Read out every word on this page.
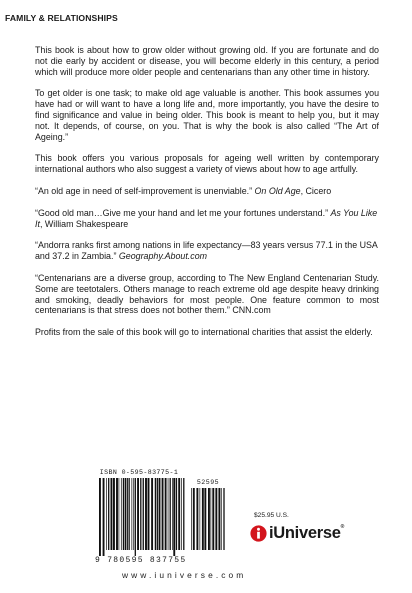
FAMILY & RELATIONSHIPS

This book is about how to grow older without growing old. If you are fortunate and do not die early by accident or disease, you will become elderly in this century, a period which will produce more older people and centenarians than any other time in history.

To get older is one task; to make old age valuable is another. This book assumes you have had or will want to have a long life and, more importantly, you have the desire to find significance and value in being older. This book is meant to help you, but it may not. It depends, of course, on you. That is why the book is also called “The Art of Ageing.”

This book offers you various proposals for ageing well written by contemporary international authors who also suggest a variety of views about how to age artfully.

“An old age in need of self-improvement is unenviable.” On Old Age, Cicero

“Good old man…Give me your hand and let me your fortunes understand.” As You Like It, William Shakespeare

“Andorra ranks first among nations in life expectancy—83 years versus 77.1 in the USA and 37.2 in Zambia.” Geography.About.com

“Centenarians are a diverse group, according to The New England Centenarian Study. Some are teetotalers. Others manage to reach extreme old age despite heavy drinking and smoking, deadly behaviors for most people. One feature common to most centenarians is that stress does not bother them.” CNN.com

Profits from the sale of this book will go to international charities that assist the elderly.

ISBN 0-595-83775-1
52595
9 780595 837755
$25.95 U.S.
iUniverse®
www.iuniverse.com
